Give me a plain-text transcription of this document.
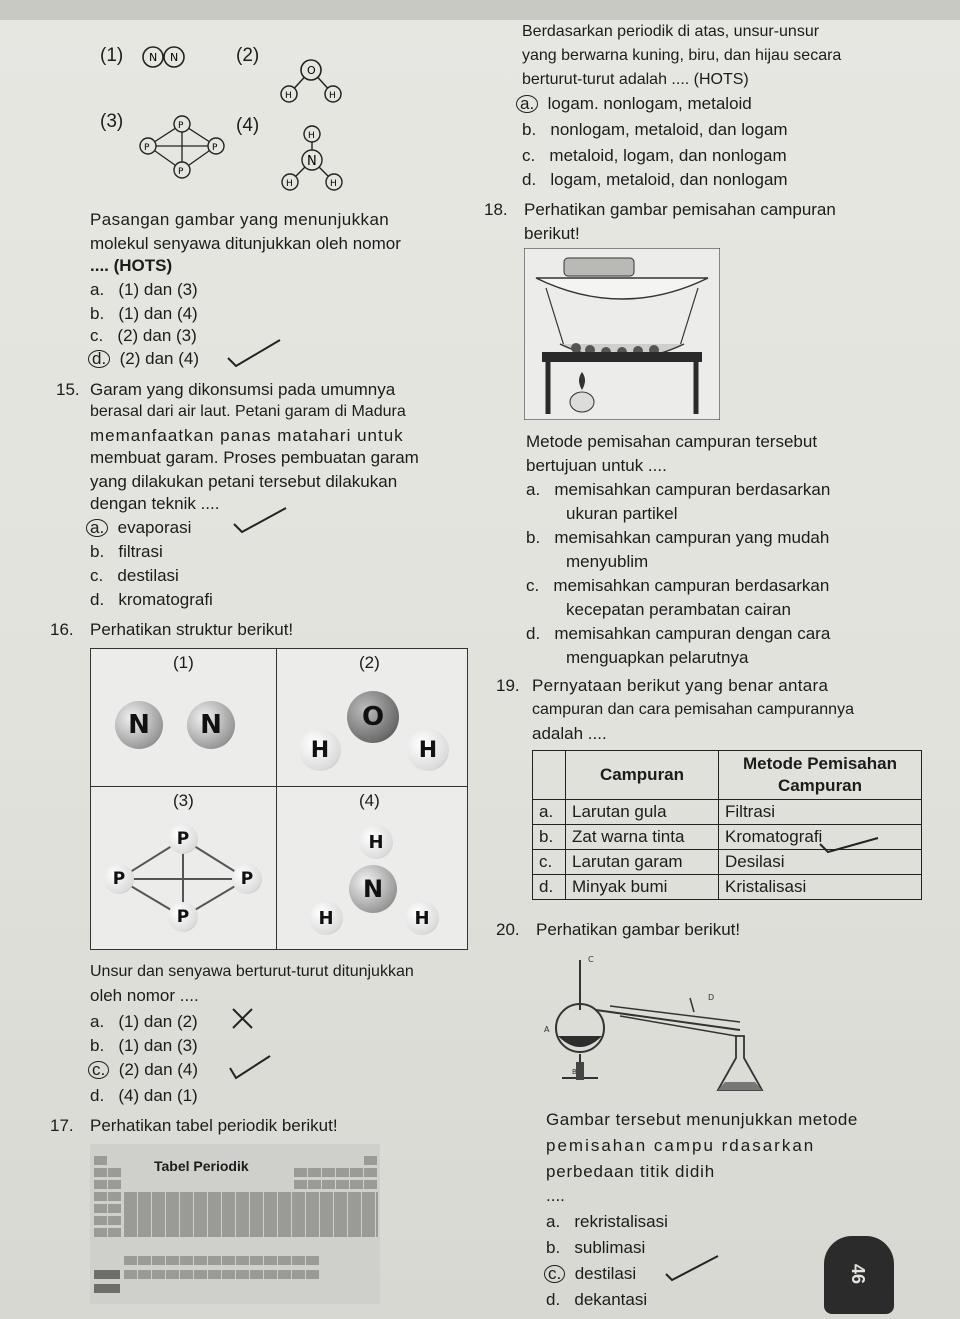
(1) N N	(2)
O
H	H
(3)	P
P	P
P
(4)	H
N
H	H
Pasangan gambar yang menunjukkan
molekul senyawa ditunjukkan oleh nomor
.... (HOTS)
a. (1) dan (3)
b. (1) dan (4)
c. (2) dan (3)
d. (2) dan (4)
15. Garam yang dikonsumsi pada umumnya
berasal dari air laut. Petani garam di Madura
memanfaatkan panas matahari untuk
membuat garam. Proses pembuatan garam
yang dilakukan petani tersebut dilakukan
dengan teknik ....
a. evaporasi
b. filtrasi
c. destilasi
d. kromatografi
16. Perhatikan struktur berikut!
(1)
N	N
(2)
H	H
O
(3)
P
P	P
P
(4)
H
H	H
N
Unsur dan senyawa berturut-turut ditunjukkan
oleh nomor ....
a. (1) dan (2)
b. (1) dan (3)
c. (2) dan (4)
d. (4) dan (1)
17. Perhatikan tabel periodik berikut!
Tabel Periodik
Berdasarkan periodik di atas, unsur-unsur
yang berwarna kuning, biru, dan hijau secara
berturut-turut adalah .... (HOTS)
a. logam. nonlogam, metaloid
b. nonlogam, metaloid, dan logam
c. metaloid, logam, dan nonlogam
d. logam, metaloid, dan nonlogam
18. Perhatikan gambar pemisahan campuran
berikut!
Metode pemisahan campuran tersebut
bertujuan untuk ....
a. memisahkan campuran berdasarkan
ukuran partikel
b. memisahkan campuran yang mudah
menyublim
c. memisahkan campuran berdasarkan
kecepatan perambatan cairan
d. memisahkan campuran dengan cara
menguapkan pelarutnya
19. Pernyataan berikut yang benar antara
campuran dan cara pemisahan campurannya
adalah ....
	Campuran	Metode Pemisahan Campuran
a.	Larutan gula	Filtrasi
b.	Zat warna tinta	Kromatografi
c.	Larutan garam	Desilasi
d.	Minyak bumi	Kristalisasi
20. Perhatikan gambar berikut!
C
D
A
B
Gambar tersebut menunjukkan metode
pemisahan campu rdasarkan
perbedaan titik didih
....
a. rekristalisasi
b. sublimasi
c. destilasi
d. dekantasi
46
